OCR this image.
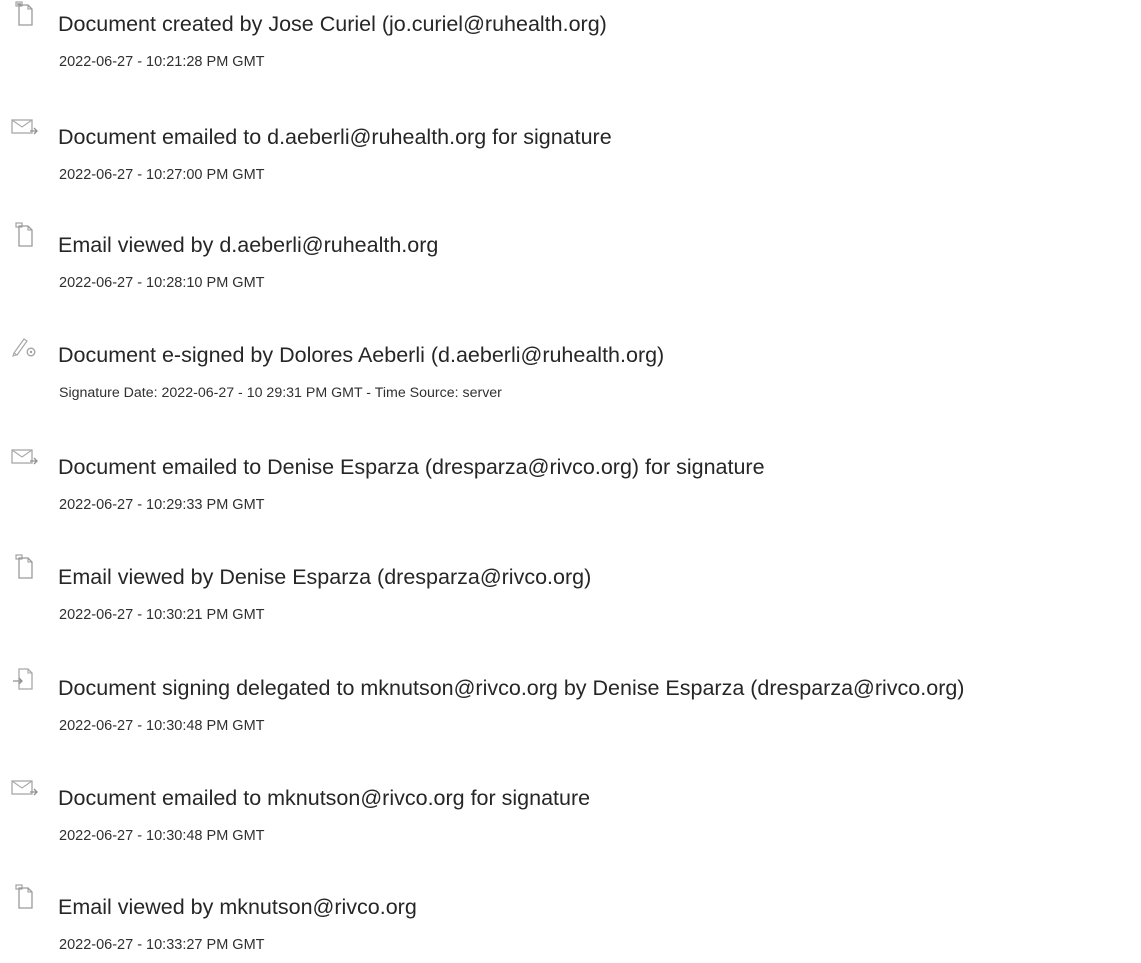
Document created by Jose Curiel (jo.curiel@ruhealth.org)
2022-06-27 - 10:21:28 PM GMT
Document emailed to d.aeberli@ruhealth.org for signature
2022-06-27 - 10:27:00 PM GMT
Email viewed by d.aeberli@ruhealth.org
2022-06-27 - 10:28:10 PM GMT
Document e-signed by Dolores Aeberli (d.aeberli@ruhealth.org)
Signature Date: 2022-06-27 - 10 29:31 PM GMT - Time Source: server
Document emailed to Denise Esparza (dresparza@rivco.org) for signature
2022-06-27 - 10:29:33 PM GMT
Email viewed by Denise Esparza (dresparza@rivco.org)
2022-06-27 - 10:30:21 PM GMT
Document signing delegated to mknutson@rivco.org by Denise Esparza (dresparza@rivco.org)
2022-06-27 - 10:30:48 PM GMT
Document emailed to mknutson@rivco.org for signature
2022-06-27 - 10:30:48 PM GMT
Email viewed by mknutson@rivco.org
2022-06-27 - 10:33:27 PM GMT
